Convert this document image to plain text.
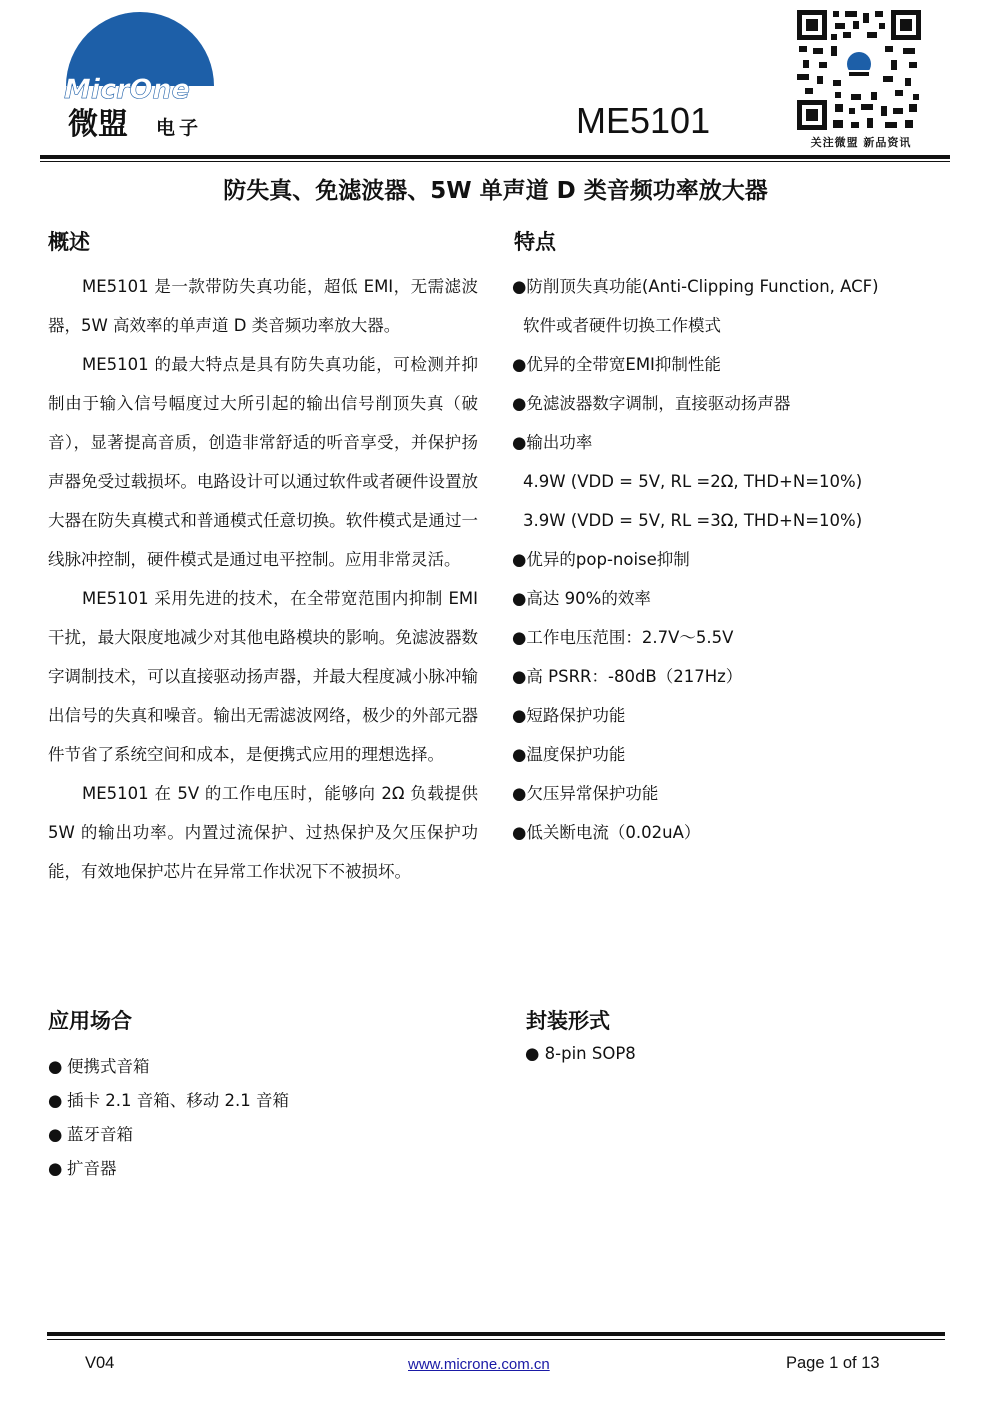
MicrOne
微盟 电子	ME5101
关注微盟 新品资讯
防失真、免滤波器、5W 单声道 D 类音频功率放大器
概述

ME5101 是一款带防失真功能，超低 EMI，无需滤波器，5W 高效率的单声道 D 类音频功率放大器。

ME5101 的最大特点是具有防失真功能，可检测并抑制由于输入信号幅度过大所引起的输出信号削顶失真（破音），显著提高音质，创造非常舒适的听音享受，并保护扬声器免受过载损坏。电路设计可以通过软件或者硬件设置放大器在防失真模式和普通模式任意切换。软件模式是通过一线脉冲控制，硬件模式是通过电平控制。应用非常灵活。

ME5101 采用先进的技术，在全带宽范围内抑制 EMI 干扰，最大限度地减少对其他电路模块的影响。免滤波器数字调制技术，可以直接驱动扬声器，并最大程度减小脉冲输出信号的失真和噪音。输出无需滤波网络，极少的外部元器件节省了系统空间和成本，是便携式应用的理想选择。

ME5101 在 5V 的工作电压时，能够向 2Ω 负载提供 5W 的输出功率。内置过流保护、过热保护及欠压保护功能，有效地保护芯片在异常工作状况下不被损坏。

特点
●防削顶失真功能(Anti-Clipping Function, ACF)
软件或者硬件切换工作模式
●优异的全带宽EMI抑制性能
●免滤波器数字调制，直接驱动扬声器
●输出功率
4.9W (VDD = 5V, RL =2Ω, THD+N=10%)
3.9W (VDD = 5V, RL =3Ω, THD+N=10%)
●优异的pop-noise抑制
●高达 90%的效率
●工作电压范围：2.7V～5.5V
●高 PSRR：-80dB（217Hz）
●短路保护功能
●温度保护功能
●欠压异常保护功能
●低关断电流（0.02uA）
应用场合
● 便携式音箱
● 插卡 2.1 音箱、移动 2.1 音箱
● 蓝牙音箱
● 扩音器
封装形式
● 8-pin SOP8
V04	www.microne.com.cn	Page 1 of 13
